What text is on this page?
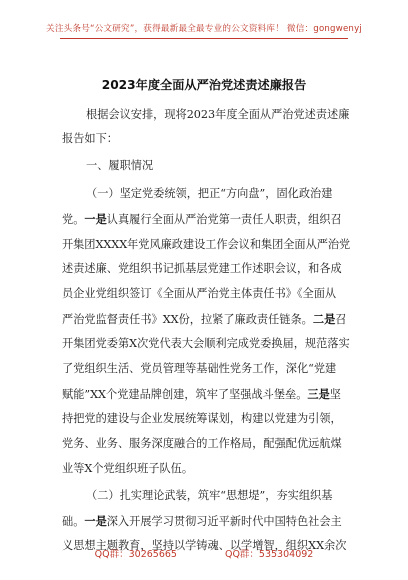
关注头条号“公文研究”，获得最新最全最专业的公文资料库！ 微信：gongwenyj
2023年度全面从严治党述责述廉报告
根据会议安排，现将2023年度全面从严治党述责述廉
报告如下：
一、履职情况
（一）坚定党委统领，把正“方向盘”，固化政治建
党。一是认真履行全面从严治党第一责任人职责，组织召
开集团XXXX年党风廉政建设工作会议和集团全面从严治党
述责述廉、党组织书记抓基层党建工作述职会议，和各成
员企业党组织签订《全面从严治党主体责任书》《全面从
严治党监督责任书》XX份，拉紧了廉政责任链条。二是召
开集团党委第X次党代表大会顺利完成党委换届，规范落实
了党组织生活、党员管理等基础性党务工作，深化“党建
赋能”XX个党建品牌创建，筑牢了坚强战斗堡垒。三是坚
持把党的建设与企业发展统筹谋划，构建以党建为引领，
党务、业务、服务深度融合的工作格局，配强配优远航煤
业等X个党组织班子队伍。
（二）扎实理论武装，筑牢“思想堤”，夯实组织基
础。一是深入开展学习贯彻习近平新时代中国特色社会主
义思想主题教育，坚持以学铸魂、以学增智，组织XX余次
QQ群：30265665	QQ群：535304092
